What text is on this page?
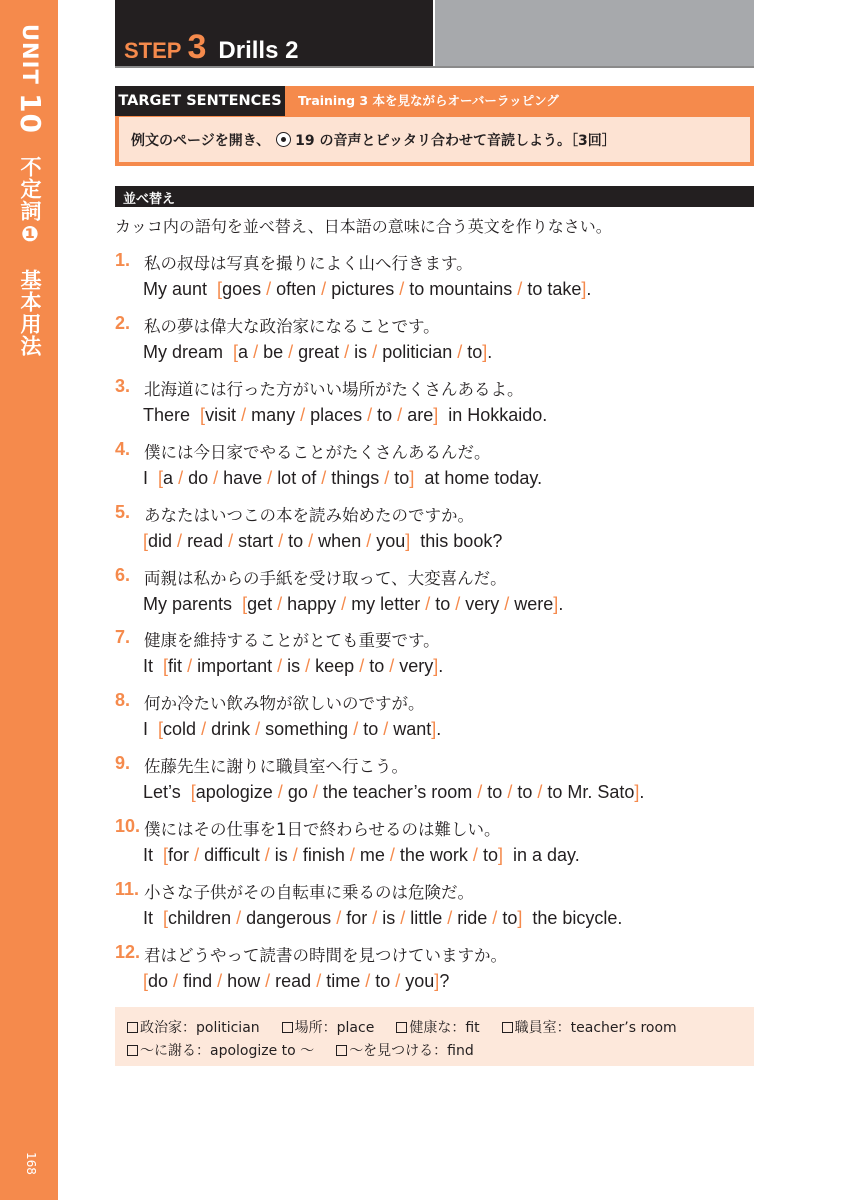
UNIT 10 不定詞❶　基本用法
168
STEP 3 Drills 2
TARGET SENTENCES Training 3 本を見ながらオーバーラッピング
例文のページを開き、 19 の音声とピッタリ合わせて音読しよう。［3回］
並べ替え
カッコ内の語句を並べ替え、日本語の意味に合う英文を作りなさい。
1. 私の叔母は写真を撮りによく山へ行きます。
My aunt [goes / often / pictures / to mountains / to take].
2. 私の夢は偉大な政治家になることです。
My dream [a / be / great / is / politician / to].
3. 北海道には行った方がいい場所がたくさんあるよ。
There [visit / many / places / to / are] in Hokkaido.
4. 僕には今日家でやることがたくさんあるんだ。
I [a / do / have / lot of / things / to] at home today.
5. あなたはいつこの本を読み始めたのですか。
[did / read / start / to / when / you] this book?
6. 両親は私からの手紙を受け取って、大変喜んだ。
My parents [get / happy / my letter / to / very / were].
7. 健康を維持することがとても重要です。
It [fit / important / is / keep / to / very].
8. 何か冷たい飲み物が欲しいのですが。
I [cold / drink / something / to / want].
9. 佐藤先生に謝りに職員室へ行こう。
Let’s [apologize / go / the teacher’s room / to / to / to Mr. Sato].
10. 僕にはその仕事を1日で終わらせるのは難しい。
It [for / difficult / is / finish / me / the work / to] in a day.
11. 小さな子供がその自転車に乗るのは危険だ。
It [children / dangerous / for / is / little / ride / to] the bicycle.
12. 君はどうやって読書の時間を見つけていますか。
[do / find / how / read / time / to / you]?
政治家：politician	場所：place	健康な：fit	職員室：teacher’s room
〜に謝る：apologize to 〜	〜を見つける：find
